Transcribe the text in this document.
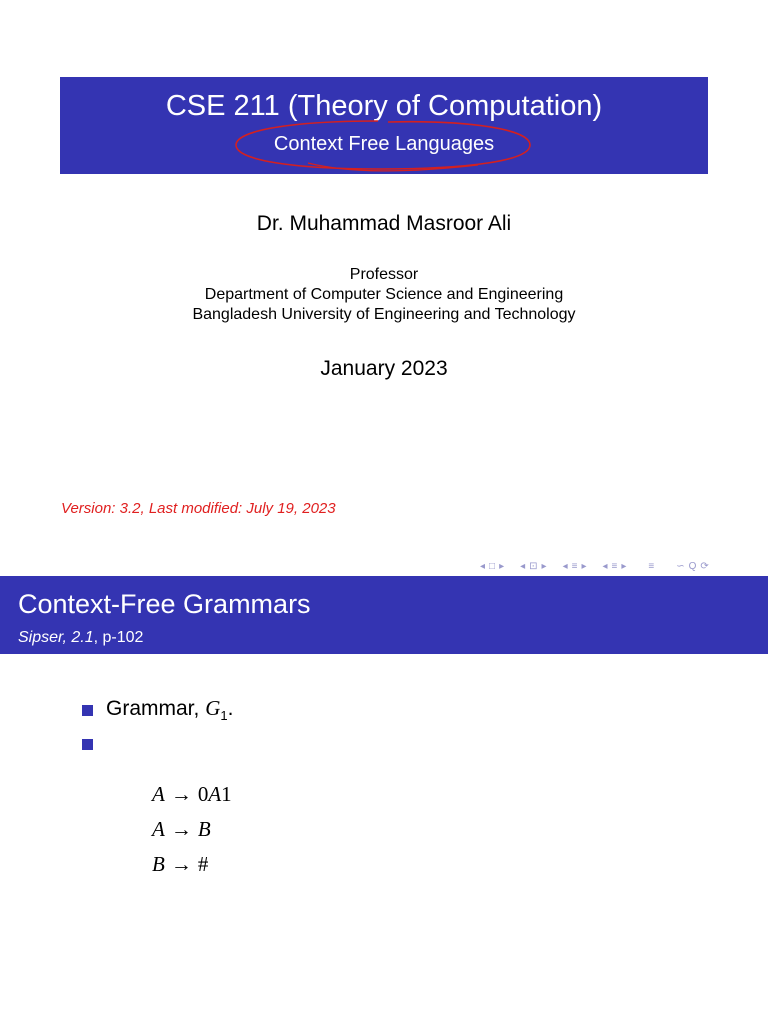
CSE 211 (Theory of Computation)
Context Free Languages
Dr. Muhammad Masroor Ali
Professor
Department of Computer Science and Engineering
Bangladesh University of Engineering and Technology
January 2023
Version: 3.2, Last modified: July 19, 2023
◂ □ ▸ ◂ ⊡ ▸ ◂ ≡ ▸ ◂ ≡ ▸ ≡ ∽ Q ⟳
Context-Free Grammars
Sipser, 2.1, p-102
Grammar, $G_1$.
A → 0A1
A → B
B → #
